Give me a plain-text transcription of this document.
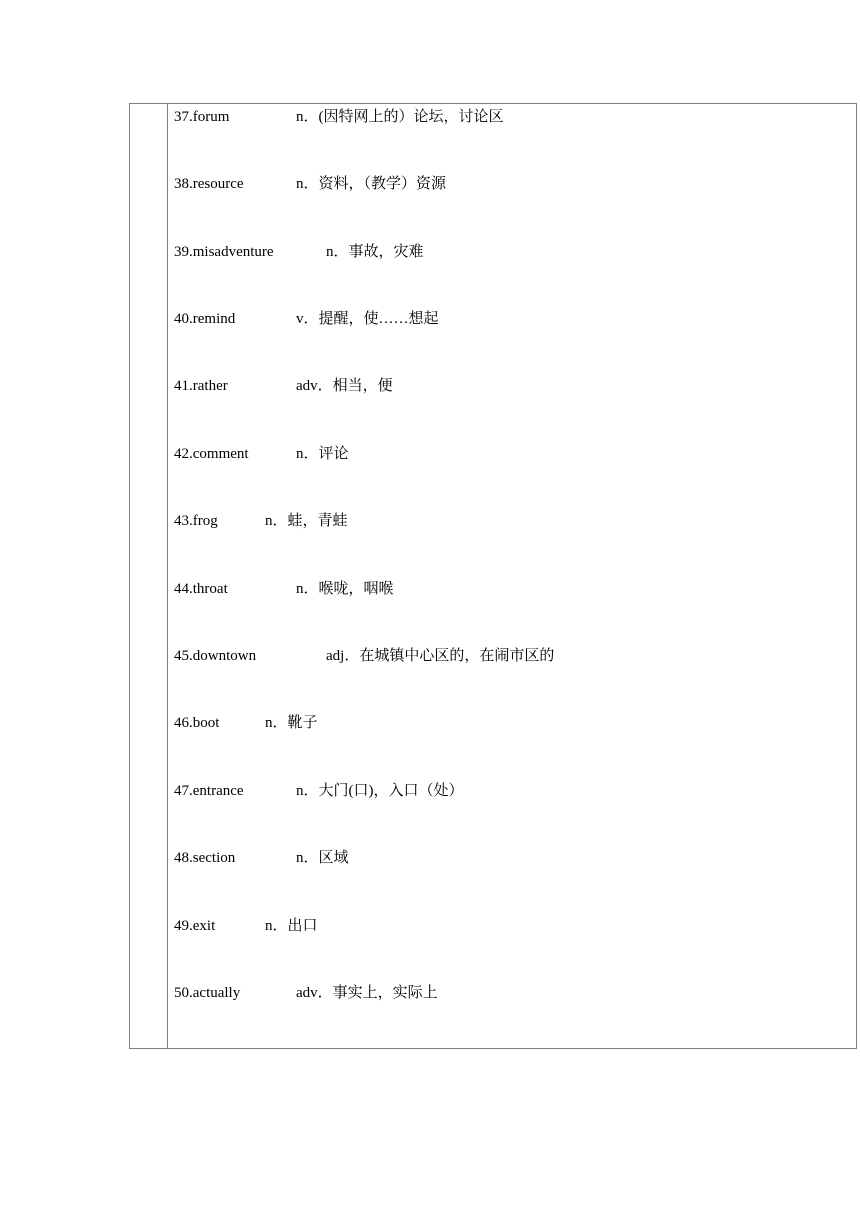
37.forum	n．(因特网上的）论坛，讨论区
38.resource	n．资料，（教学）资源
39.misadventure	n．事故，灾难
40.remind	v．提醒，使……想起
41.rather	adv．相当，便
42.comment	n．评论
43.frog	n．蛙，青蛙
44.throat	n．喉咙，咽喉
45.downtown	adj．在城镇中心区的，在闹市区的
46.boot	n．靴子
47.entrance	n．大门(口)，入口（处）
48.section	n．区域
49.exit	n．出口
50.actually	adv．事实上，实际上
